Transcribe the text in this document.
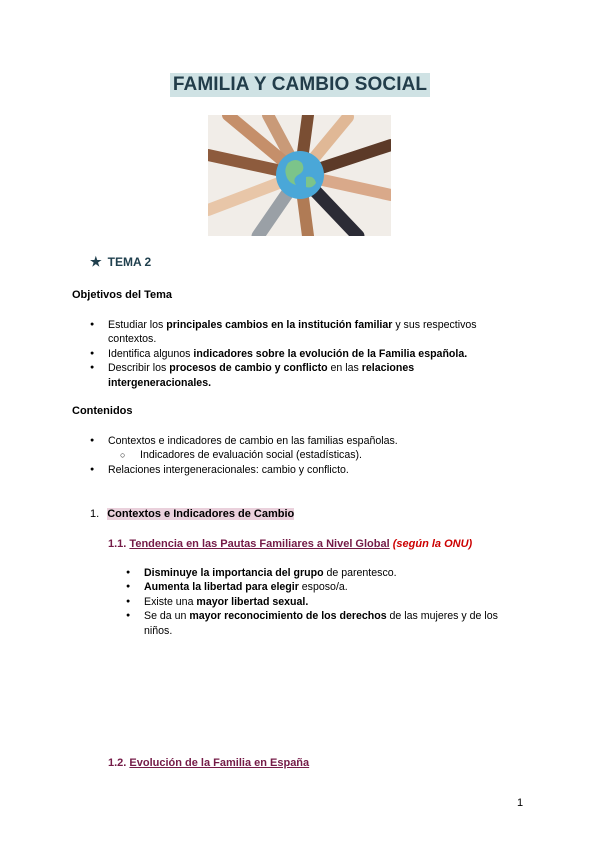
FAMILIA Y CAMBIO SOCIAL
★ TEMA 2
Objetivos del Tema
● Estudiar los principales cambios en la institución familiar y sus respectivos contextos.
● Identifica algunos indicadores sobre la evolución de la Familia española.
● Describir los procesos de cambio y conflicto en las relaciones intergeneracionales.
Contenidos
● Contextos e indicadores de cambio en las familias españolas.
○ Indicadores de evaluación social (estadísticas).
● Relaciones intergeneracionales: cambio y conflicto.
1. Contextos e Indicadores de Cambio
1.1. Tendencia en las Pautas Familiares a Nivel Global (según la ONU)
● Disminuye la importancia del grupo de parentesco.
● Aumenta la libertad para elegir esposo/a.
● Existe una mayor libertad sexual.
● Se da un mayor reconocimiento de los derechos de las mujeres y de los niños.
1.2. Evolución de la Familia en España
1
